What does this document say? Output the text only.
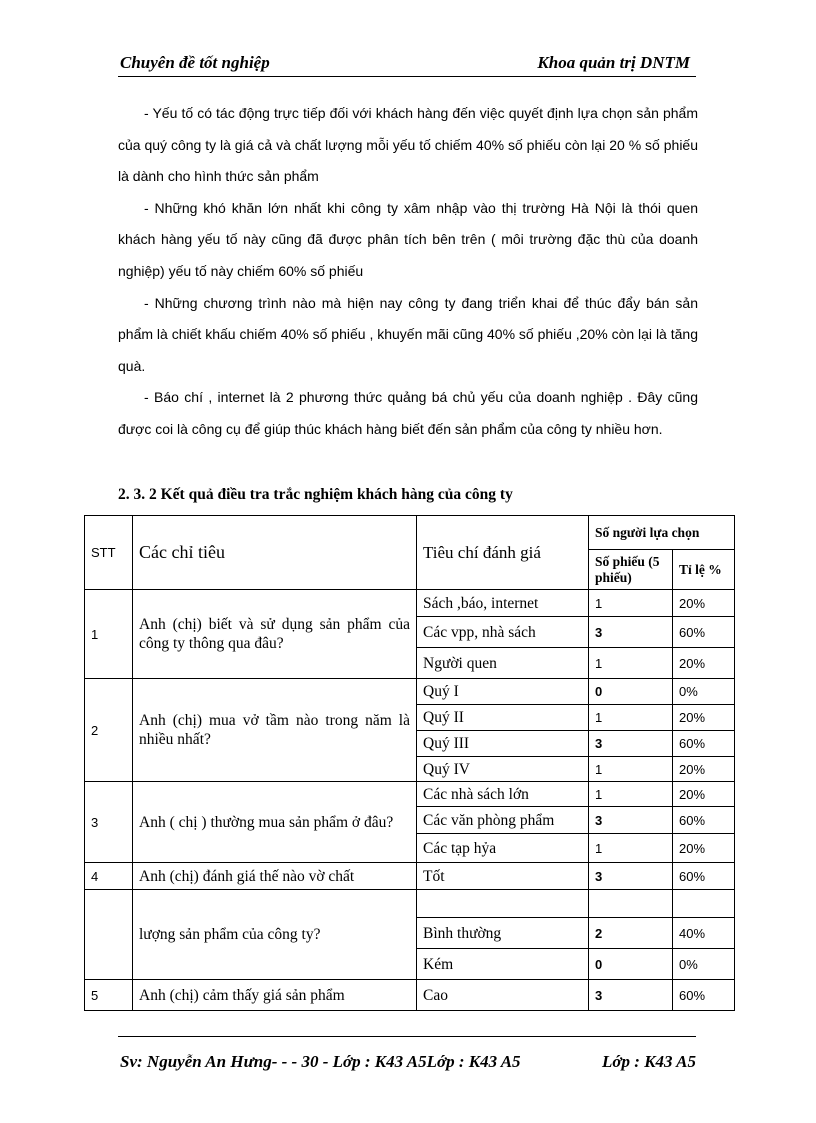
Chuyên đề tốt nghiệp	Khoa quản trị DNTM

- Yếu tố có tác động trực tiếp đối với khách hàng đến việc quyết định lựa chọn sản phẩm của quý công ty là giá cả và chất lượng mỗi yếu tố chiếm 40% số phiếu còn lại 20 % số phiếu là dành cho hình thức sản phẩm

- Những khó khăn lớn nhất khi công ty xâm nhập vào thị trường Hà Nội là thói quen khách hàng yếu tố này cũng đã được phân tích bên trên ( môi trường đặc thù của doanh nghiệp) yếu tố này chiếm 60% số phiếu

- Những chương trình nào mà hiện nay công ty đang triển khai để thúc đẩy bán sản phẩm là chiết khấu chiếm 40% số phiếu , khuyến mãi cũng 40% số phiếu ,20% còn lại là tăng quà.

- Báo chí , internet là 2 phương thức quảng bá chủ yếu của doanh nghiệp . Đây cũng được coi là công cụ để giúp thúc khách hàng biết đến sản phẩm của công ty nhiều hơn.

2. 3. 2 Kết quả điều tra trắc nghiệm khách hàng của công ty
STT	Các chỉ tiêu	Tiêu chí đánh giá	Số người lựa chọn	
			Số phiếu (5 phiếu)	Tỉ lệ %
1	Anh (chị) biết và sử dụng sản phẩm của công ty thông qua đâu?	Sách ,báo, internet	1	20%
		Các vpp, nhà sách	3	60%
		Người quen	1	20%
2	Anh (chị) mua vở tầm nào trong năm là nhiều nhất?	Quý I	0	0%
		Quý II	1	20%
		Quý III	3	60%
		Quý IV	1	20%
3	Anh ( chị ) thường mua sản phẩm ở đâu?	Các nhà sách lớn	1	20%
		Các văn phòng phẩm	3	60%
		Các tạp hỷa	1	20%
4	Anh (chị) đánh giá thế nào vờ chất	Tốt	3	60%
	lượng sản phẩm của công ty?			
		Bình thường	2	40%
		Kém	0	0%
5	Anh (chị) cảm thấy giá sản phẩm	Cao	3	60%
Sv: Nguyễn An Hưng- - - 30 - Lớp : K43 A5Lớp : K43 A5	Lớp : K43 A5
